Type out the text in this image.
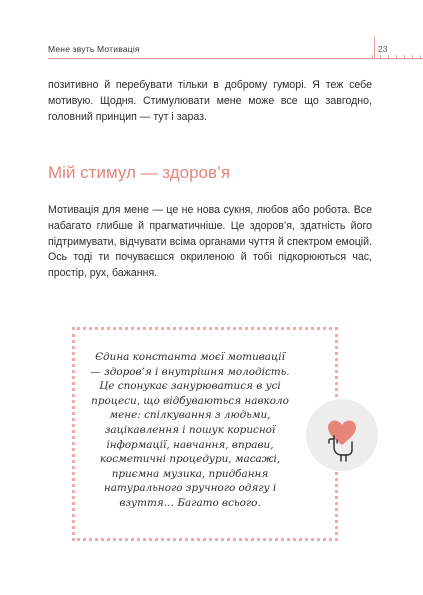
Мене звуть Мотивація	23

позитивно й перебувати тільки в доброму гуморі. Я теж себе мотивую. Щодня. Стимулювати мене може все що завгодно, головний принцип — тут і зараз.

Мій стимул — здоров’я

Мотивація для мене — це не нова сукня, любов або робота. Все набагато глибше й прагматичніше. Це здоров’я, здатність його підтримувати, відчувати всіма органами чуття й спектром емоцій. Ось тоді ти почуваєшся окриленою й тобі підкорюються час, простір, рух, бажання.

Єдина константа моєї мотивації — здоров’я і внутрішня молодість. Це спонукає занурюватися в усі процеси, що відбуваються навколо мене: спілкування з людьми, зацікавлення і пошук корисної інформації, навчання, вправи, косметичні процедури, масажі, приємна музика, придбання натурального зручного одягу і взуття… Багато всього.
